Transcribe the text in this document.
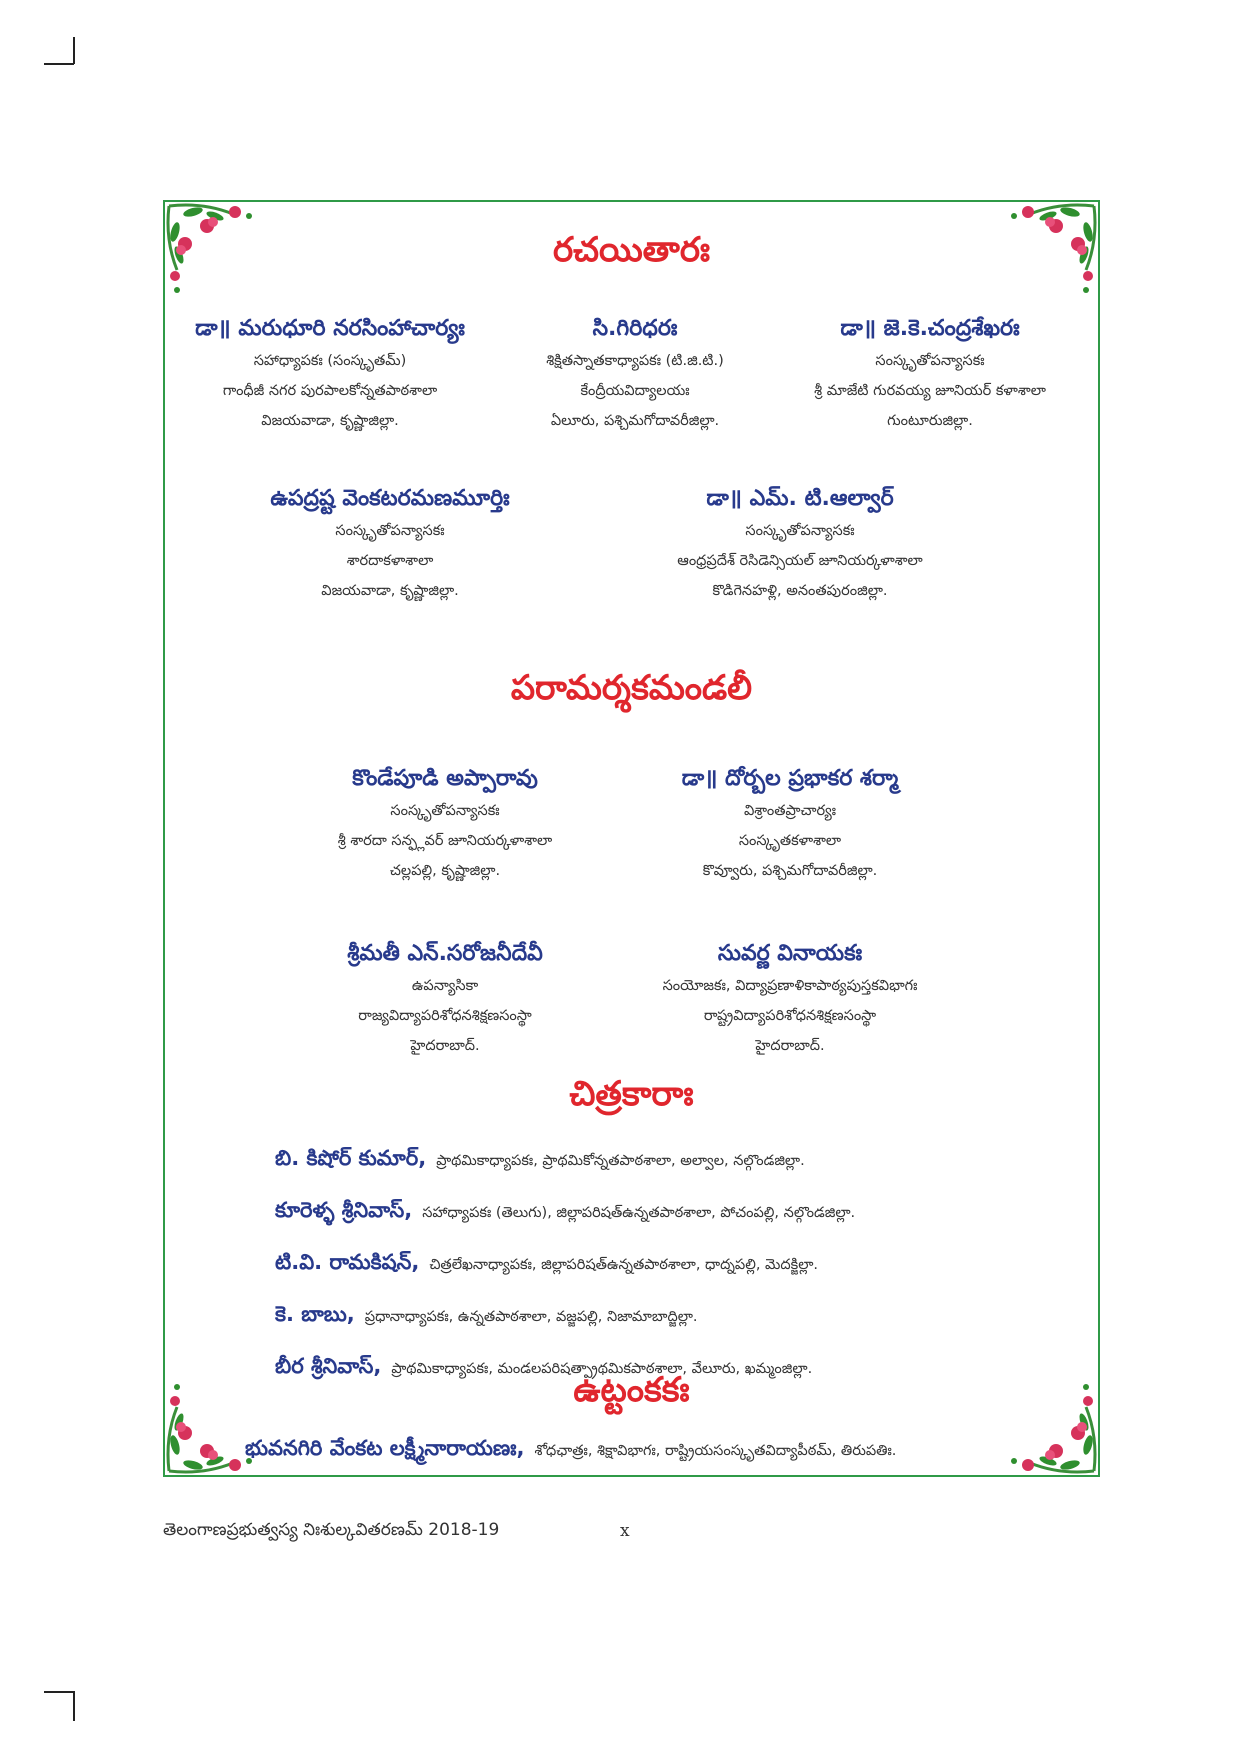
రచయితారః
డా॥ మరుధూరి నరసింహాచార్యః
సహాధ్యాపకః (సంస్కృతమ్)
గాంధీజీ నగర పురపాలకోన్నతపాఠశాలా
విజయవాడా, కృష్ణాజిల్లా.
సి.గిరిధరః
శిక్షితస్నాతకాధ్యాపకః (టి.జి.టి.)
కేంద్రీయవిద్యాలయః
ఏలూరు, పశ్చిమగోదావరీజిల్లా.
డా॥ జె.కె.చంద్రశేఖరః
సంస్కృతోపన్యాసకః
శ్రీ మాజేటి గురవయ్య జూనియర్ కళాశాలా
గుంటూరుజిల్లా.
ఉపద్రష్ట వెంకటరమణమూర్తిః
సంస్కృతోపన్యాసకః
శారదాకళాశాలా
విజయవాడా, కృష్ణాజిల్లా.
డా॥ ఎమ్. టి.ఆల్వార్
సంస్కృతోపన్యాసకః
ఆంధ్రప్రదేశ్ రెసిడెన్సియల్ జూనియర్కళాశాలా
కొడిగెనహళ్లి, అనంతపురంజిల్లా.
పరామర్శకమండలీ
కొండేపూడి అప్పారావు
సంస్కృతోపన్యాసకః
శ్రీ శారదా సన్ఫ్లవర్ జూనియర్కళాశాలా
చల్లపల్లి, కృష్ణాజిల్లా.
డా॥ దోర్బల ప్రభాకర శర్మా
విశ్రాంతప్రాచార్యః
సంస్కృతకళాశాలా
కొవ్వూరు, పశ్చిమగోదావరీజిల్లా.
శ్రీమతీ ఎన్.సరోజనీదేవీ
ఉపన్యాసికా
రాజ్యవిద్యాపరిశోధనశిక్షణసంస్థా
హైదరాబాద్.
సువర్ణ వినాయకః
సంయోజకః, విద్యాప్రణాళికాపాఠ్యపుస్తకవిభాగః
రాష్ట్రవిద్యాపరిశోధనశిక్షణసంస్థా
హైదరాబాద్.
చిత్రకారాః
బి. కిషోర్ కుమార్, ప్రాథమికాధ్యాపకః, ప్రాథమికోన్నతపాఠశాలా, అల్వాల, నల్గొండజిల్లా.
కూరెళ్ళ శ్రీనివాస్, సహాధ్యాపకః (తెలుగు), జిల్లాపరిషత్ఉన్నతపాఠశాలా, పోచంపల్లి, నల్గొండజిల్లా.
టి.వి. రామకిషన్, చిత్రలేఖనాధ్యాపకః, జిల్లాపరిషత్ఉన్నతపాఠశాలా, ధాద్నపల్లి, మెదక్జిల్లా.
కె. బాబు, ప్రధానాధ్యాపకః, ఉన్నతపాఠశాలా, వజ్జపల్లి, నిజామాబాద్జిల్లా.
బీర శ్రీనివాస్, ప్రాథమికాధ్యాపకః, మండలపరిషత్ప్రాథమికపాఠశాలా, వేలూరు, ఖమ్మంజిల్లా.
ఉట్టంకకః
భువనగిరి వేంకట లక్ష్మీనారాయణః, శోధఛాత్రః, శిక్షావిభాగః, రాష్ట్రియసంస్కృతవిద్యాపీఠమ్, తిరుపతిః.
తెలంగాణప్రభుత్వస్య నిఃశుల్కవితరణమ్ 2018-19	x
